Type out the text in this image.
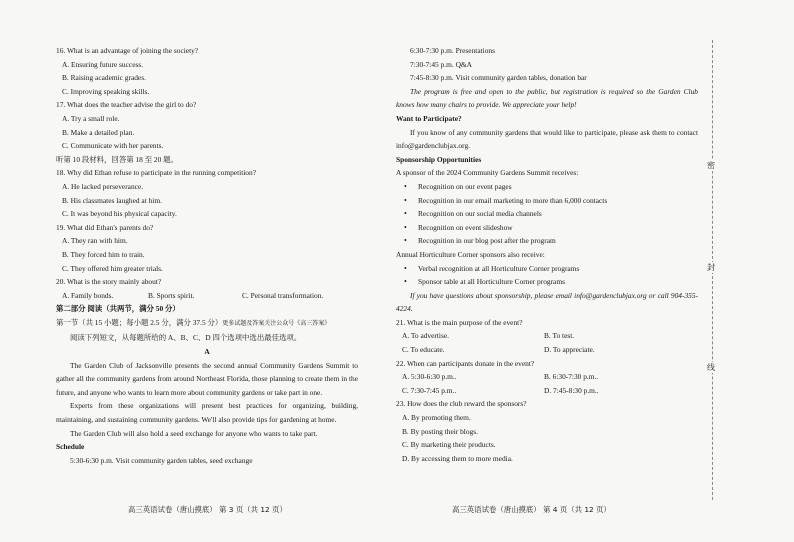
16. What is an advantage of joining the society?
A. Ensuring future success.
B. Raising academic grades.
C. Improving speaking skills.
17. What does the teacher advise the girl to do?
A. Try a small role.
B. Make a detailed plan.
C. Communicate with her parents.
听第 10 段材料，回答第 18 至 20 题。
18. Why did Ethan refuse to participate in the running competition?
A. He lacked perseverance.
B. His classmates laughed at him.
C. It was beyond his physical capacity.
19. What did Ethan's parents do?
A. They ran with him.
B. They forced him to train.
C. They offered him greater trials.
20. What is the story mainly about?
A. Family bonds.	B. Sports spirit.	C. Personal transformation.
第二部分 阅读（共两节，满分 50 分）
第一节（共 15 小题；每小题 2.5 分，满分 37.5 分）更多试题及答案关注公众号《高三答案》
阅读下列短文，从每题所给的 A、B、C、D 四个选项中选出最佳选项。
A
The Garden Club of Jacksonville presents the second annual Community Gardens Summit to gather all the community gardens from around Northeast Florida, those planning to create them in the future, and anyone who wants to learn more about community gardens or take part in one.
Experts from these organizations will present best practices for organizing, building, maintaining, and sustaining community gardens. We'll also provide tips for gardening at home.
The Garden Club will also hold a seed exchange for anyone who wants to take part.
Schedule
5:30-6:30 p.m. Visit community garden tables, seed exchange
6:30-7:30 p.m. Presentations
7:30-7:45 p.m. Q&A
7:45-8:30 p.m. Visit community garden tables, donation bar
The program is free and open to the public, but registration is required so the Garden Club knows how many chairs to provide. We appreciate your help!
Want to Participate?
If you know of any community gardens that would like to participate, please ask them to contact info@gardenclubjax.org.
Sponsorship Opportunities
A sponsor of the 2024 Community Gardens Summit receives:
•	Recognition on our event pages
•	Recognition in our email marketing to more than 6,000 contacts
•	Recognition on our social media channels
•	Recognition on event slideshow
•	Recognition in our blog post after the program
Annual Horticulture Corner sponsors also receive:
•	Verbal recognition at all Horticulture Corner programs
•	Sponsor table at all Horticulture Corner programs
If you have questions about sponsorship, please email info@gardenclubjax.org or call 904-355-4224.
21. What is the main purpose of the event?
A. To advertise.	B. To test.
C. To educate.	D. To appreciate.
22. When can participants donate in the event?
A. 5:30-6:30 p.m..	B. 6:30-7:30 p.m..
C. 7:30-7:45 p.m..	D. 7:45-8:30 p.m..
23. How does the club reward the sponsors?
A. By promoting them.
B. By posting their blogs.
C. By marketing their products.
D. By accessing them to more media.
密
封
线
高三英语试卷（唐山摸底） 第 3 页（共 12 页）	高三英语试卷（唐山摸底） 第 4 页（共 12 页）
